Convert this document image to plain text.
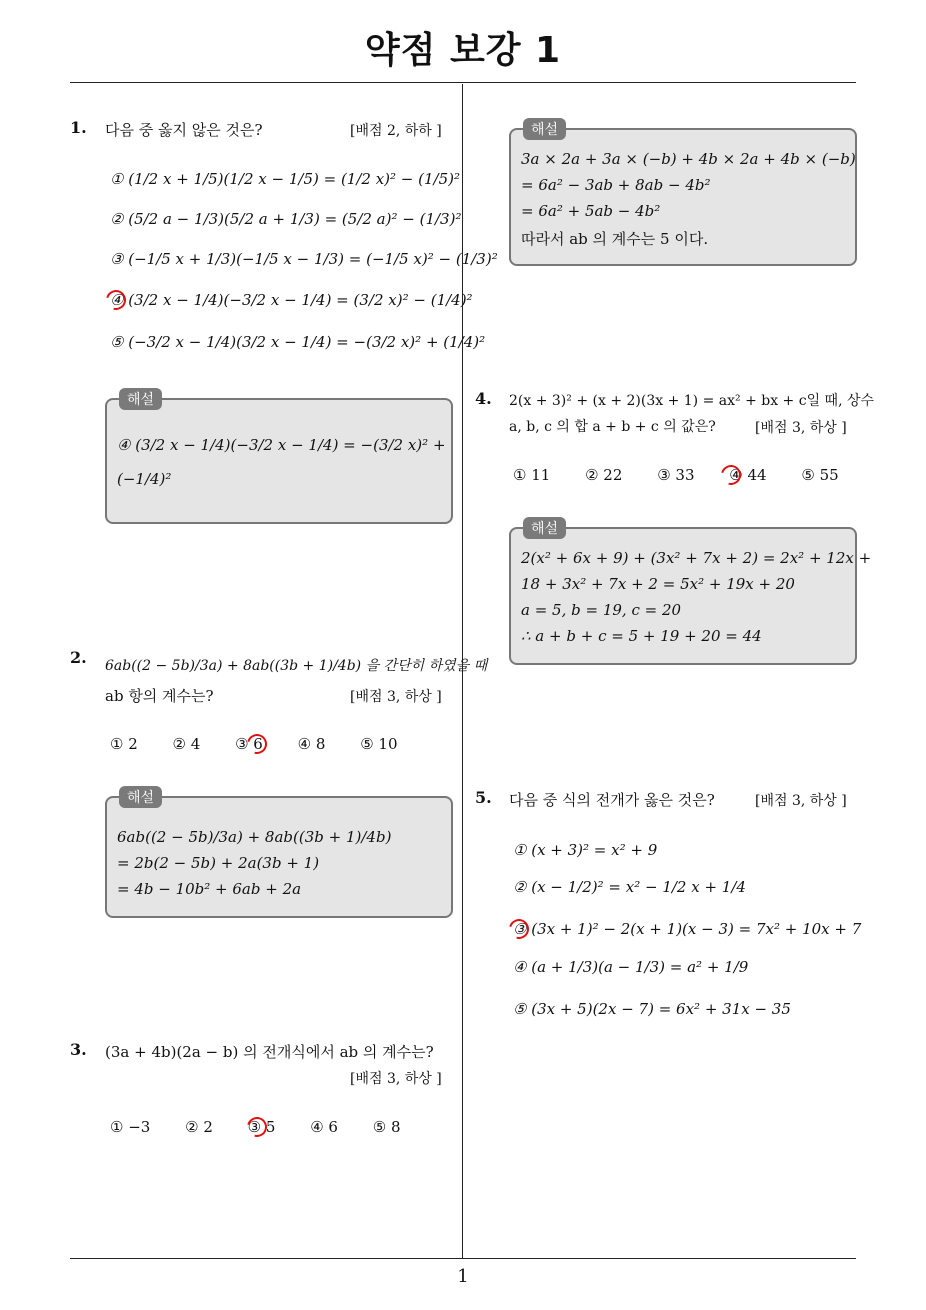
약점 보강 1
1. 다음 중 옳지 않은 것은?	[배점 2, 하하 ]
① (1/2 x + 1/5)(1/2 x − 1/5) = (1/2 x)² − (1/5)²
② (5/2 a − 1/3)(5/2 a + 1/3) = (5/2 a)² − (1/3)²
③ (−1/5 x + 1/3)(−1/5 x − 1/3) = (−1/5 x)² − (1/3)²
④ (3/2 x − 1/4)(−3/2 x − 1/4) = (3/2 x)² − (1/4)²
⑤ (−3/2 x − 1/4)(3/2 x − 1/4) = −(3/2 x)² + (1/4)²
해설
④ (3/2 x − 1/4)(−3/2 x − 1/4) = −(3/2 x)² +
(−1/4)²
2. 6ab((2 − 5b)/3a) + 8ab((3b + 1)/4b) 을 간단히 하였을 때
ab 항의 계수는?	[배점 3, 하상 ]
① 2 ② 4 ③ 6 ④ 8 ⑤ 10
해설
6ab((2 − 5b)/3a) + 8ab((3b + 1)/4b)
= 2b(2 − 5b) + 2a(3b + 1)
= 4b − 10b² + 6ab + 2a
3. (3a + 4b)(2a − b) 의 전개식에서 ab 의 계수는?
[배점 3, 하상 ]
① −3 ② 2 ③ 5 ④ 6 ⑤ 8
해설
3a × 2a + 3a × (−b) + 4b × 2a + 4b × (−b)
= 6a² − 3ab + 8ab − 4b²
= 6a² + 5ab − 4b²
따라서 ab 의 계수는 5 이다.
4. 2(x + 3)² + (x + 2)(3x + 1) = ax² + bx + c일 때, 상수
a, b, c 의 합 a + b + c 의 값은?	[배점 3, 하상 ]
① 11 ② 22 ③ 33 ④ 44 ⑤ 55
해설
2(x² + 6x + 9) + (3x² + 7x + 2) = 2x² + 12x +
18 + 3x² + 7x + 2 = 5x² + 19x + 20
a = 5, b = 19, c = 20
∴ a + b + c = 5 + 19 + 20 = 44
5. 다음 중 식의 전개가 옳은 것은?	[배점 3, 하상 ]
① (x + 3)² = x² + 9
② (x − 1/2)² = x² − 1/2 x + 1/4
③ (3x + 1)² − 2(x + 1)(x − 3) = 7x² + 10x + 7
④ (a + 1/3)(a − 1/3) = a² + 1/9
⑤ (3x + 5)(2x − 7) = 6x² + 31x − 35
1
